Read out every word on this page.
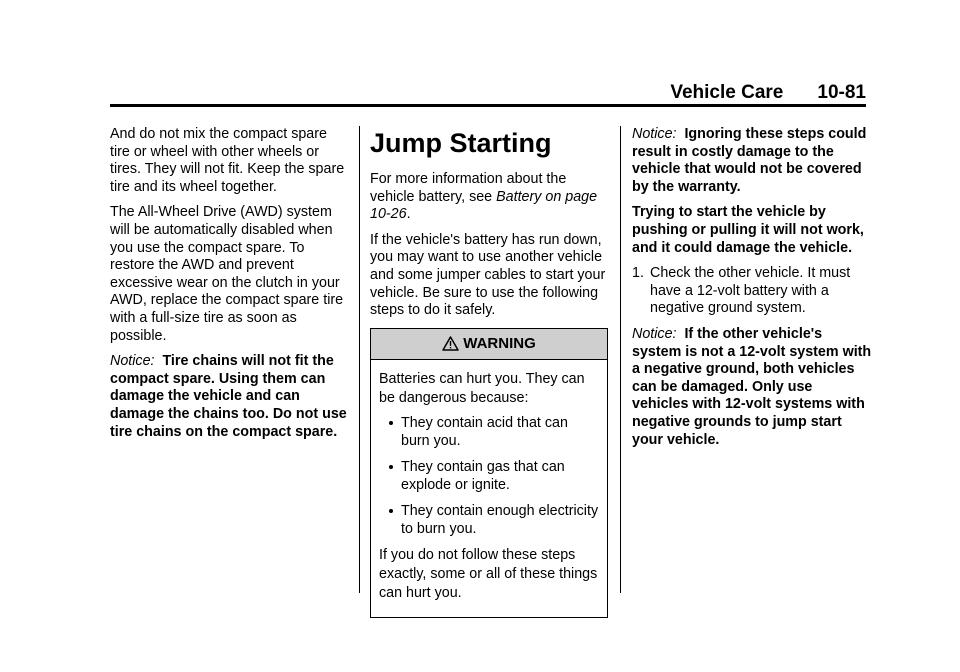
Vehicle Care 10-81

And do not mix the compact spare tire or wheel with other wheels or tires. They will not fit. Keep the spare tire and its wheel together.

The All-Wheel Drive (AWD) system will be automatically disabled when you use the compact spare. To restore the AWD and prevent excessive wear on the clutch in your AWD, replace the compact spare tire with a full-size tire as soon as possible.

Notice: Tire chains will not fit the compact spare. Using them can damage the vehicle and can damage the chains too. Do not use tire chains on the compact spare.

Jump Starting

For more information about the vehicle battery, see Battery on page 10-26.

If the vehicle's battery has run down, you may want to use another vehicle and some jumper cables to start your vehicle. Be sure to use the following steps to do it safely.

WARNING

Batteries can hurt you. They can be dangerous because:

They contain acid that can burn you.
They contain gas that can explode or ignite.
They contain enough electricity to burn you.

If you do not follow these steps exactly, some or all of these things can hurt you.

Notice: Ignoring these steps could result in costly damage to the vehicle that would not be covered by the warranty.

Trying to start the vehicle by pushing or pulling it will not work, and it could damage the vehicle.

1. Check the other vehicle. It must have a 12-volt battery with a negative ground system.

Notice: If the other vehicle's system is not a 12-volt system with a negative ground, both vehicles can be damaged. Only use vehicles with 12-volt systems with negative grounds to jump start your vehicle.
